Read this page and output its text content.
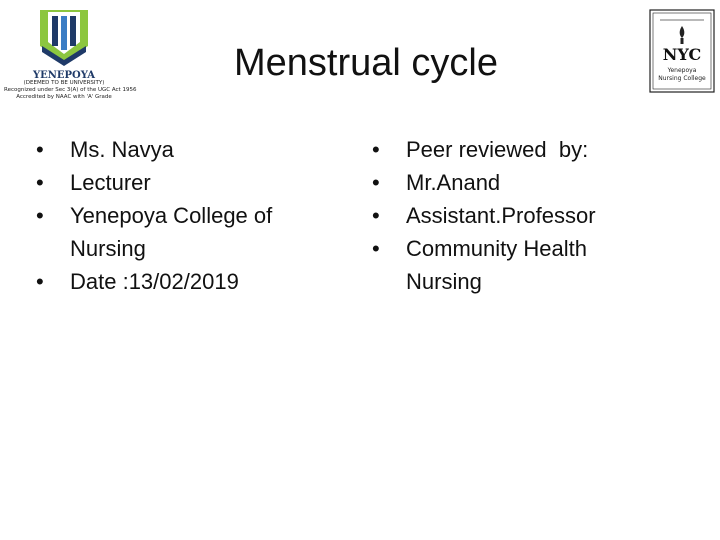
YENEPOYA
(DEEMED TO BE UNIVERSITY)
Recognized under Sec 3(A) of the UGC Act 1956
Accredited by NAAC with 'A' Grade
NYC
Yenepoya
Nursing College
Menstrual cycle
•	Ms. Navya
•	Lecturer
•	Yenepoya College of Nursing
•	Date :13/02/2019
•	Peer reviewed  by:
•	Mr.Anand
•	Assistant.Professor
•	Community Health Nursing
